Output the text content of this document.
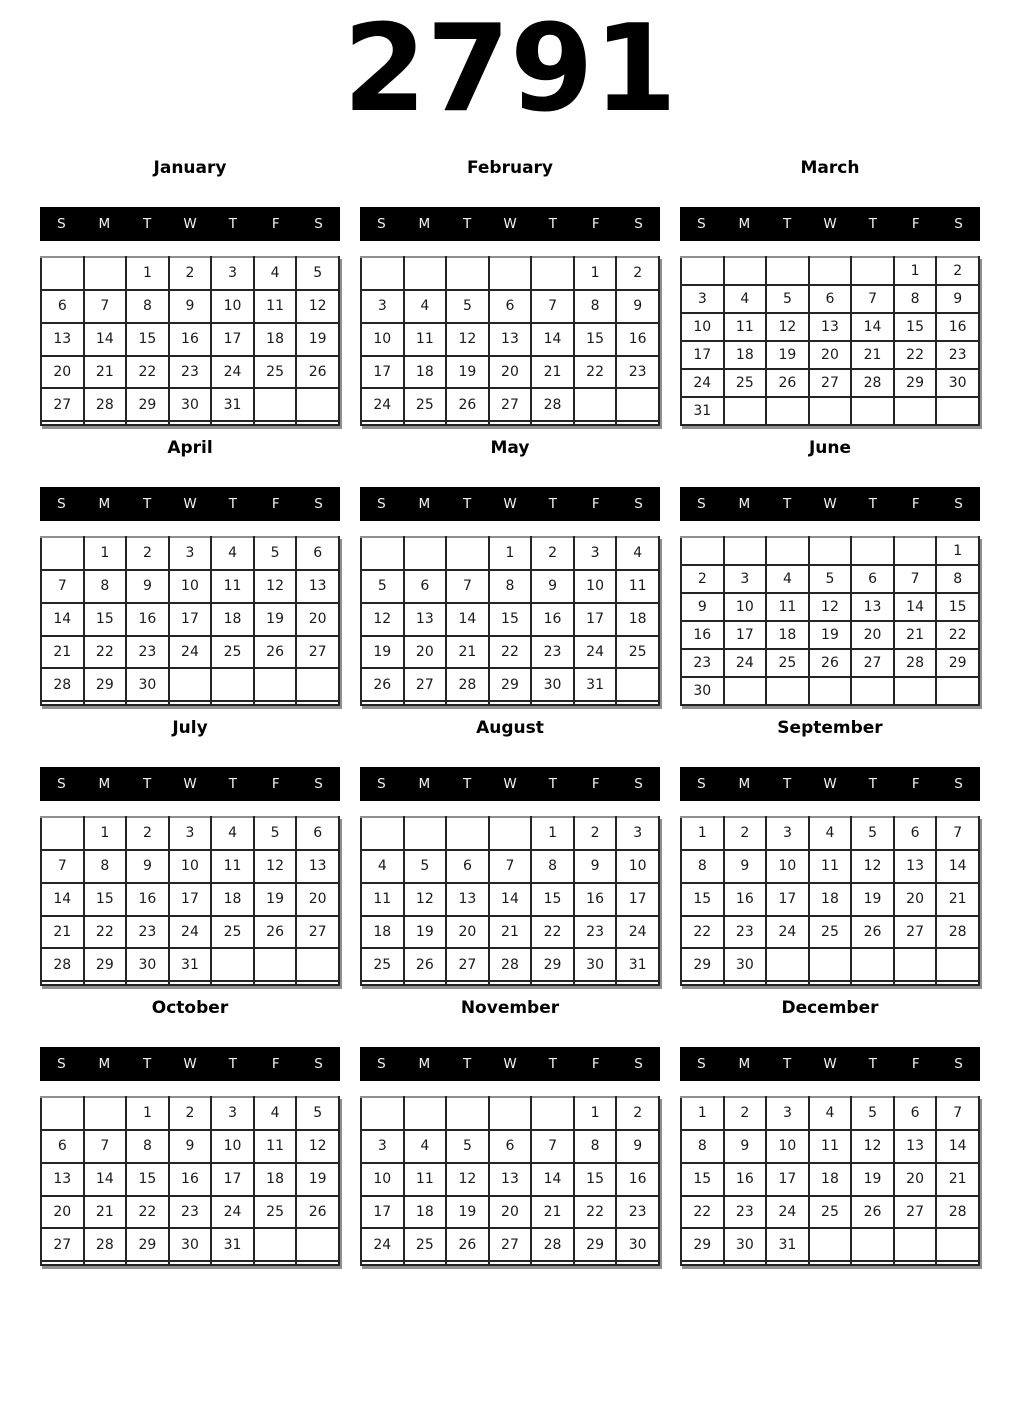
2791
January
S	M	T	W	T	F	S
		1	2	3	4	5
6	7	8	9	10	11	12
13	14	15	16	17	18	19
20	21	22	23	24	25	26
27	28	29	30	31		

February
S	M	T	W	T	F	S
					1	2
3	4	5	6	7	8	9
10	11	12	13	14	15	16
17	18	19	20	21	22	23
24	25	26	27	28		

March
S	M	T	W	T	F	S
					1	2
3	4	5	6	7	8	9
10	11	12	13	14	15	16
17	18	19	20	21	22	23
24	25	26	27	28	29	30
31						
April
S	M	T	W	T	F	S
	1	2	3	4	5	6
7	8	9	10	11	12	13
14	15	16	17	18	19	20
21	22	23	24	25	26	27
28	29	30				

May
S	M	T	W	T	F	S
			1	2	3	4
5	6	7	8	9	10	11
12	13	14	15	16	17	18
19	20	21	22	23	24	25
26	27	28	29	30	31	

June
S	M	T	W	T	F	S
						1
2	3	4	5	6	7	8
9	10	11	12	13	14	15
16	17	18	19	20	21	22
23	24	25	26	27	28	29
30						
July
S	M	T	W	T	F	S
	1	2	3	4	5	6
7	8	9	10	11	12	13
14	15	16	17	18	19	20
21	22	23	24	25	26	27
28	29	30	31			

August
S	M	T	W	T	F	S
				1	2	3
4	5	6	7	8	9	10
11	12	13	14	15	16	17
18	19	20	21	22	23	24
25	26	27	28	29	30	31

September
S	M	T	W	T	F	S
1	2	3	4	5	6	7
8	9	10	11	12	13	14
15	16	17	18	19	20	21
22	23	24	25	26	27	28
29	30					

October
S	M	T	W	T	F	S
		1	2	3	4	5
6	7	8	9	10	11	12
13	14	15	16	17	18	19
20	21	22	23	24	25	26
27	28	29	30	31		

November
S	M	T	W	T	F	S
					1	2
3	4	5	6	7	8	9
10	11	12	13	14	15	16
17	18	19	20	21	22	23
24	25	26	27	28	29	30

December
S	M	T	W	T	F	S
1	2	3	4	5	6	7
8	9	10	11	12	13	14
15	16	17	18	19	20	21
22	23	24	25	26	27	28
29	30	31				
